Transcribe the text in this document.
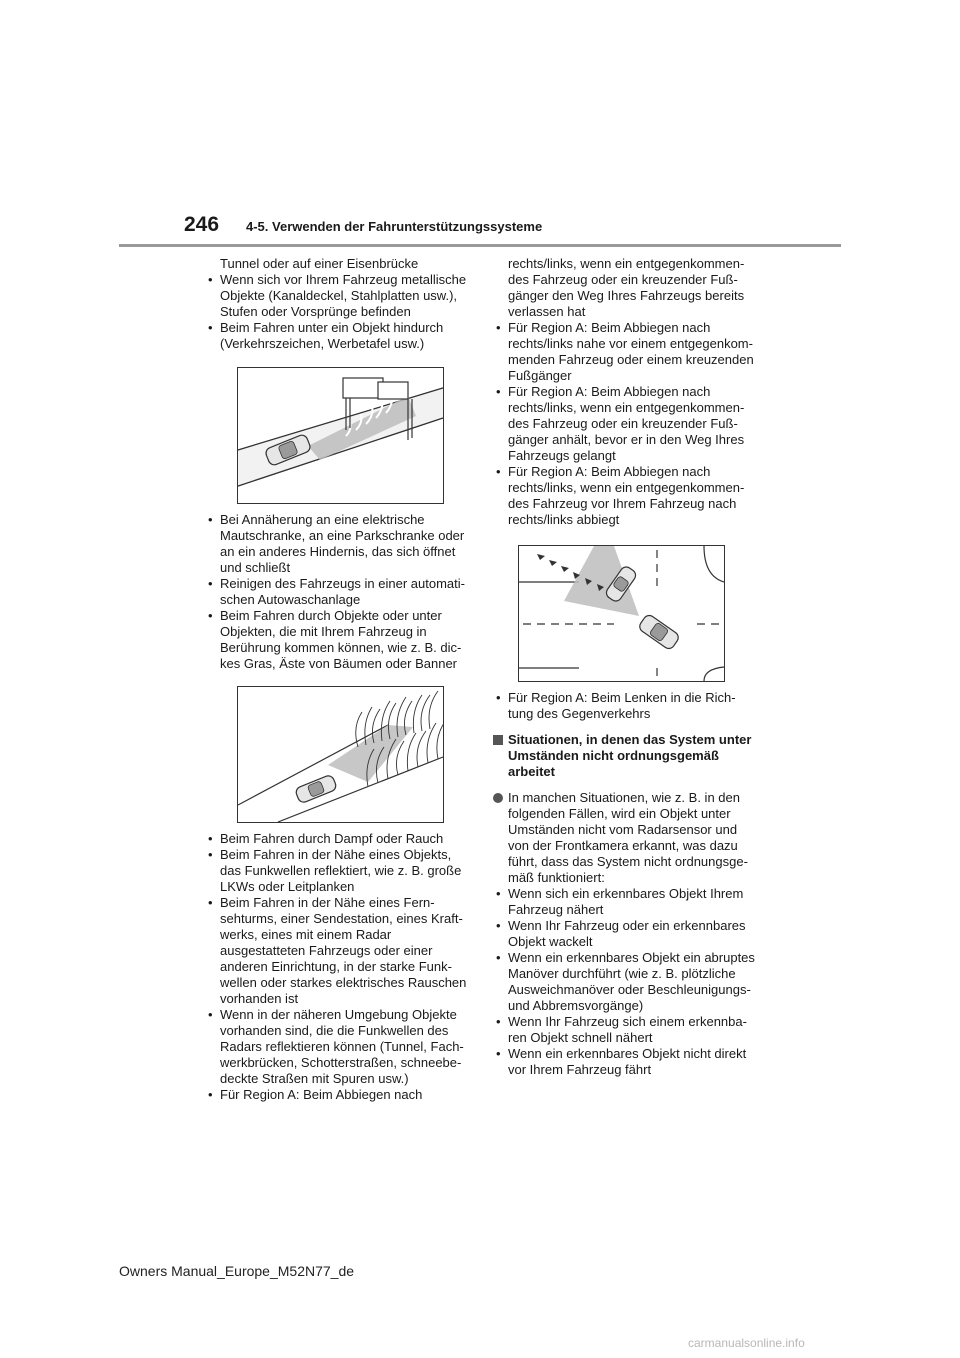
246 4-5. Verwenden der Fahrunterstützungssysteme
Tunnel oder auf einer Eisenbrücke
• Wenn sich vor Ihrem Fahrzeug metallische Objekte (Kanaldeckel, Stahlplatten usw.), Stufen oder Vorsprünge befinden
• Beim Fahren unter ein Objekt hindurch (Verkehrszeichen, Werbetafel usw.)
• Bei Annäherung an eine elektrische Mautschranke, an eine Parkschranke oder an ein anderes Hindernis, das sich öffnet und schließt
• Reinigen des Fahrzeugs in einer automati-schen Autowaschanlage
• Beim Fahren durch Objekte oder unter Objekten, die mit Ihrem Fahrzeug in Berührung kommen können, wie z. B. dic-kes Gras, Äste von Bäumen oder Banner
• Beim Fahren durch Dampf oder Rauch
• Beim Fahren in der Nähe eines Objekts, das Funkwellen reflektiert, wie z. B. große LKWs oder Leitplanken
• Beim Fahren in der Nähe eines Fern-sehturms, einer Sendestation, eines Kraft-werks, eines mit einem Radar ausgestatteten Fahrzeugs oder einer anderen Einrichtung, in der starke Funk-wellen oder starkes elektrisches Rauschen vorhanden ist
• Wenn in der näheren Umgebung Objekte vorhanden sind, die die Funkwellen des Radars reflektieren können (Tunnel, Fach-werkbrücken, Schotterstraßen, schneebe-deckte Straßen mit Spuren usw.)
• Für Region A: Beim Abbiegen nach
rechts/links, wenn ein entgegenkommen-des Fahrzeug oder ein kreuzender Fuß-gänger den Weg Ihres Fahrzeugs bereits verlassen hat
• Für Region A: Beim Abbiegen nach rechts/links nahe vor einem entgegenkom-menden Fahrzeug oder einem kreuzenden Fußgänger
• Für Region A: Beim Abbiegen nach rechts/links, wenn ein entgegenkommen-des Fahrzeug oder ein kreuzender Fuß-gänger anhält, bevor er in den Weg Ihres Fahrzeugs gelangt
• Für Region A: Beim Abbiegen nach rechts/links, wenn ein entgegenkommen-des Fahrzeug vor Ihrem Fahrzeug nach rechts/links abbiegt
• Für Region A: Beim Lenken in die Rich-tung des Gegenverkehrs
Situationen, in denen das System unter Umständen nicht ordnungsgemäß arbeitet
In manchen Situationen, wie z. B. in den folgenden Fällen, wird ein Objekt unter Umständen nicht vom Radarsensor und von der Frontkamera erkannt, was dazu führt, dass das System nicht ordnungsge-mäß funktioniert:
• Wenn sich ein erkennbares Objekt Ihrem Fahrzeug nähert
• Wenn Ihr Fahrzeug oder ein erkennbares Objekt wackelt
• Wenn ein erkennbares Objekt ein abruptes Manöver durchführt (wie z. B. plötzliche Ausweichmanöver oder Beschleunigungs-und Abbremsvorgänge)
• Wenn Ihr Fahrzeug sich einem erkennba-ren Objekt schnell nähert
• Wenn ein erkennbares Objekt nicht direkt vor Ihrem Fahrzeug fährt
Owners Manual_Europe_M52N77_de
carmanualsonline.info
